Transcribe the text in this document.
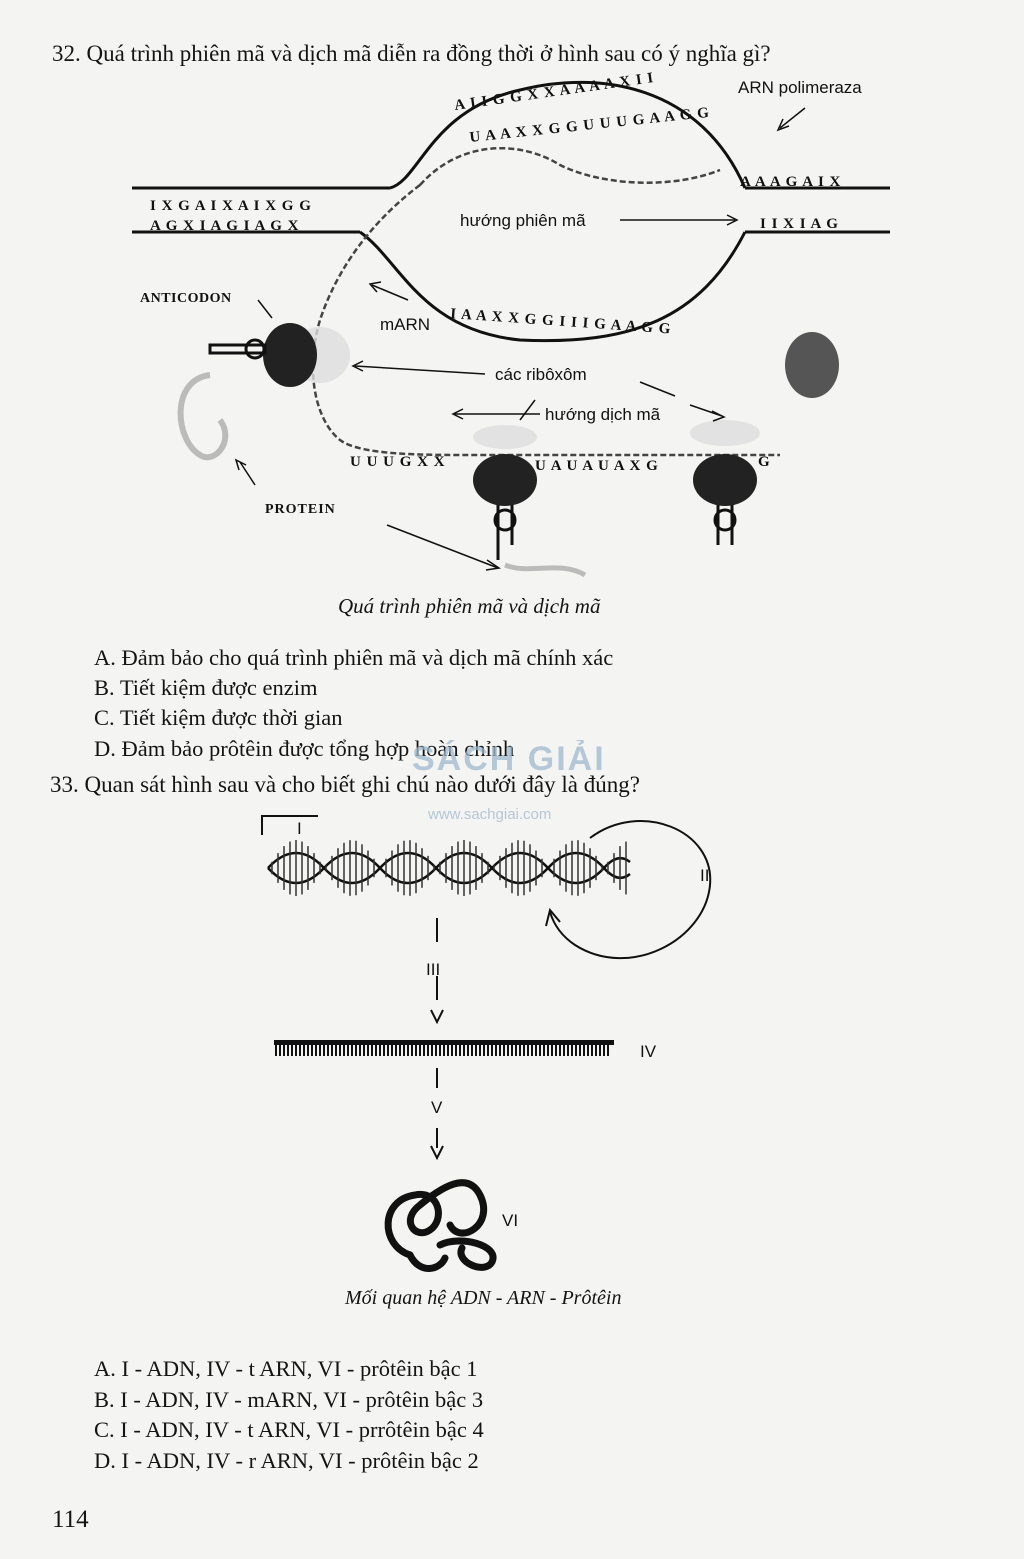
32. Quá trình phiên mã và dịch mã diễn ra đồng thời ở hình sau có ý nghĩa gì?
I X G A I X A I X G G
A G X I A G I A G X
A A A G A I X
I I X I A G
A I I G G X X A A A A X I I
U A A X X G G U U U G A A G G
I A A X X G G I I I G A A G G
U U U G X X	U A U A U A X G	G
ARN polimeraza
hướng phiên mã
mARN
các ribôxôm
hướng dịch mã
ANTICODON
PROTEIN
Quá trình phiên mã và dịch mã
A. Đảm bảo cho quá trình phiên mã và dịch mã chính xác
B. Tiết kiệm được enzim
C. Tiết kiệm được thời gian
D. Đảm bảo prôtêin được tổng hợp hoàn chỉnh
SÁCH GIẢI
www.sachgiai.com
33. Quan sát hình sau và cho biết ghi chú nào dưới đây là đúng?
I
II
III
IV
V
VI
Mối quan hệ ADN - ARN - Prôtêin
A. I - ADN, IV - t ARN, VI - prôtêin bậc 1
B. I - ADN, IV - mARN, VI - prôtêin bậc 3
C. I - ADN, IV - t ARN, VI - prrôtêin bậc 4
D. I - ADN, IV - r ARN, VI - prôtêin bậc 2
114
